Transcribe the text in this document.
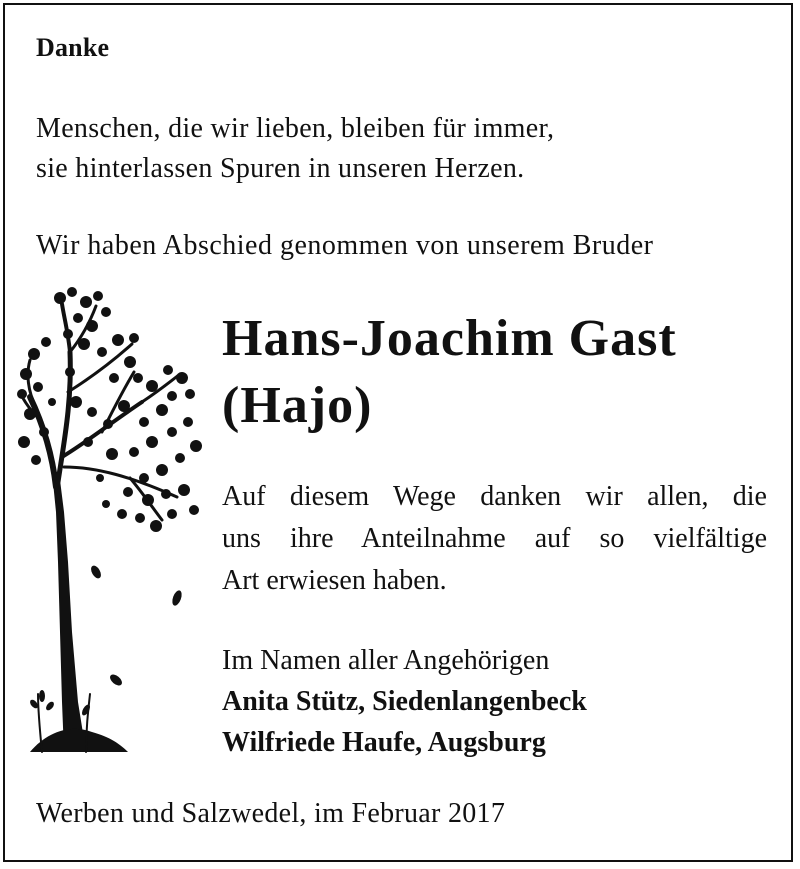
Danke
Menschen, die wir lieben, bleiben für immer,
sie hinterlassen Spuren in unseren Herzen.
Wir haben Abschied genommen von unserem Bruder
Hans-Joachim Gast
(Hajo)
Auf diesem Wege danken wir allen, die
uns ihre Anteilnahme auf so vielfältige
Art erwiesen haben.
Im Namen aller Angehörigen
Anita Stütz, Siedenlangenbeck
Wilfriede Haufe, Augsburg
Werben und Salzwedel, im Februar 2017
